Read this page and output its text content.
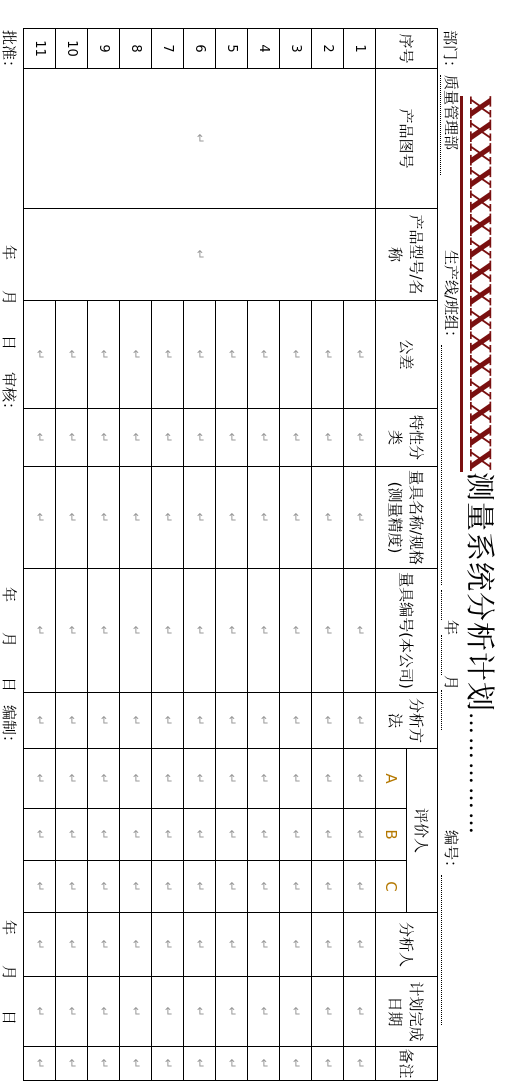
XXXXXXXXXXXXXXXX测量系统分析计划……………
部门：质量管理部
生产线/班组：
年月
编号：
序号	产品图号	产品型号/名称	公差	特性分类	量具名称/规格(测量精度)	量具编号(本公司)	分析方法	评价人			分析人	计划完成日期	备注
								A	B	C			
1	↵	↵	↵	↵	↵	↵	↵	↵	↵	↵	↵	↵	↵
2			↵	↵	↵	↵	↵	↵	↵	↵	↵	↵	↵
3			↵	↵	↵	↵	↵	↵	↵	↵	↵	↵	↵
4			↵	↵	↵	↵	↵	↵	↵	↵	↵	↵	↵
5			↵	↵	↵	↵	↵	↵	↵	↵	↵	↵	↵
6			↵	↵	↵	↵	↵	↵	↵	↵	↵	↵	↵
7			↵	↵	↵	↵	↵	↵	↵	↵	↵	↵	↵
8			↵	↵	↵	↵	↵	↵	↵	↵	↵	↵	↵
9			↵	↵	↵	↵	↵	↵	↵	↵	↵	↵	↵
10			↵	↵	↵	↵	↵	↵	↵	↵	↵	↵	↵
11			↵	↵	↵	↵	↵	↵	↵	↵	↵	↵	↵
批准：年月日
审核：年月日
编制：年月日
